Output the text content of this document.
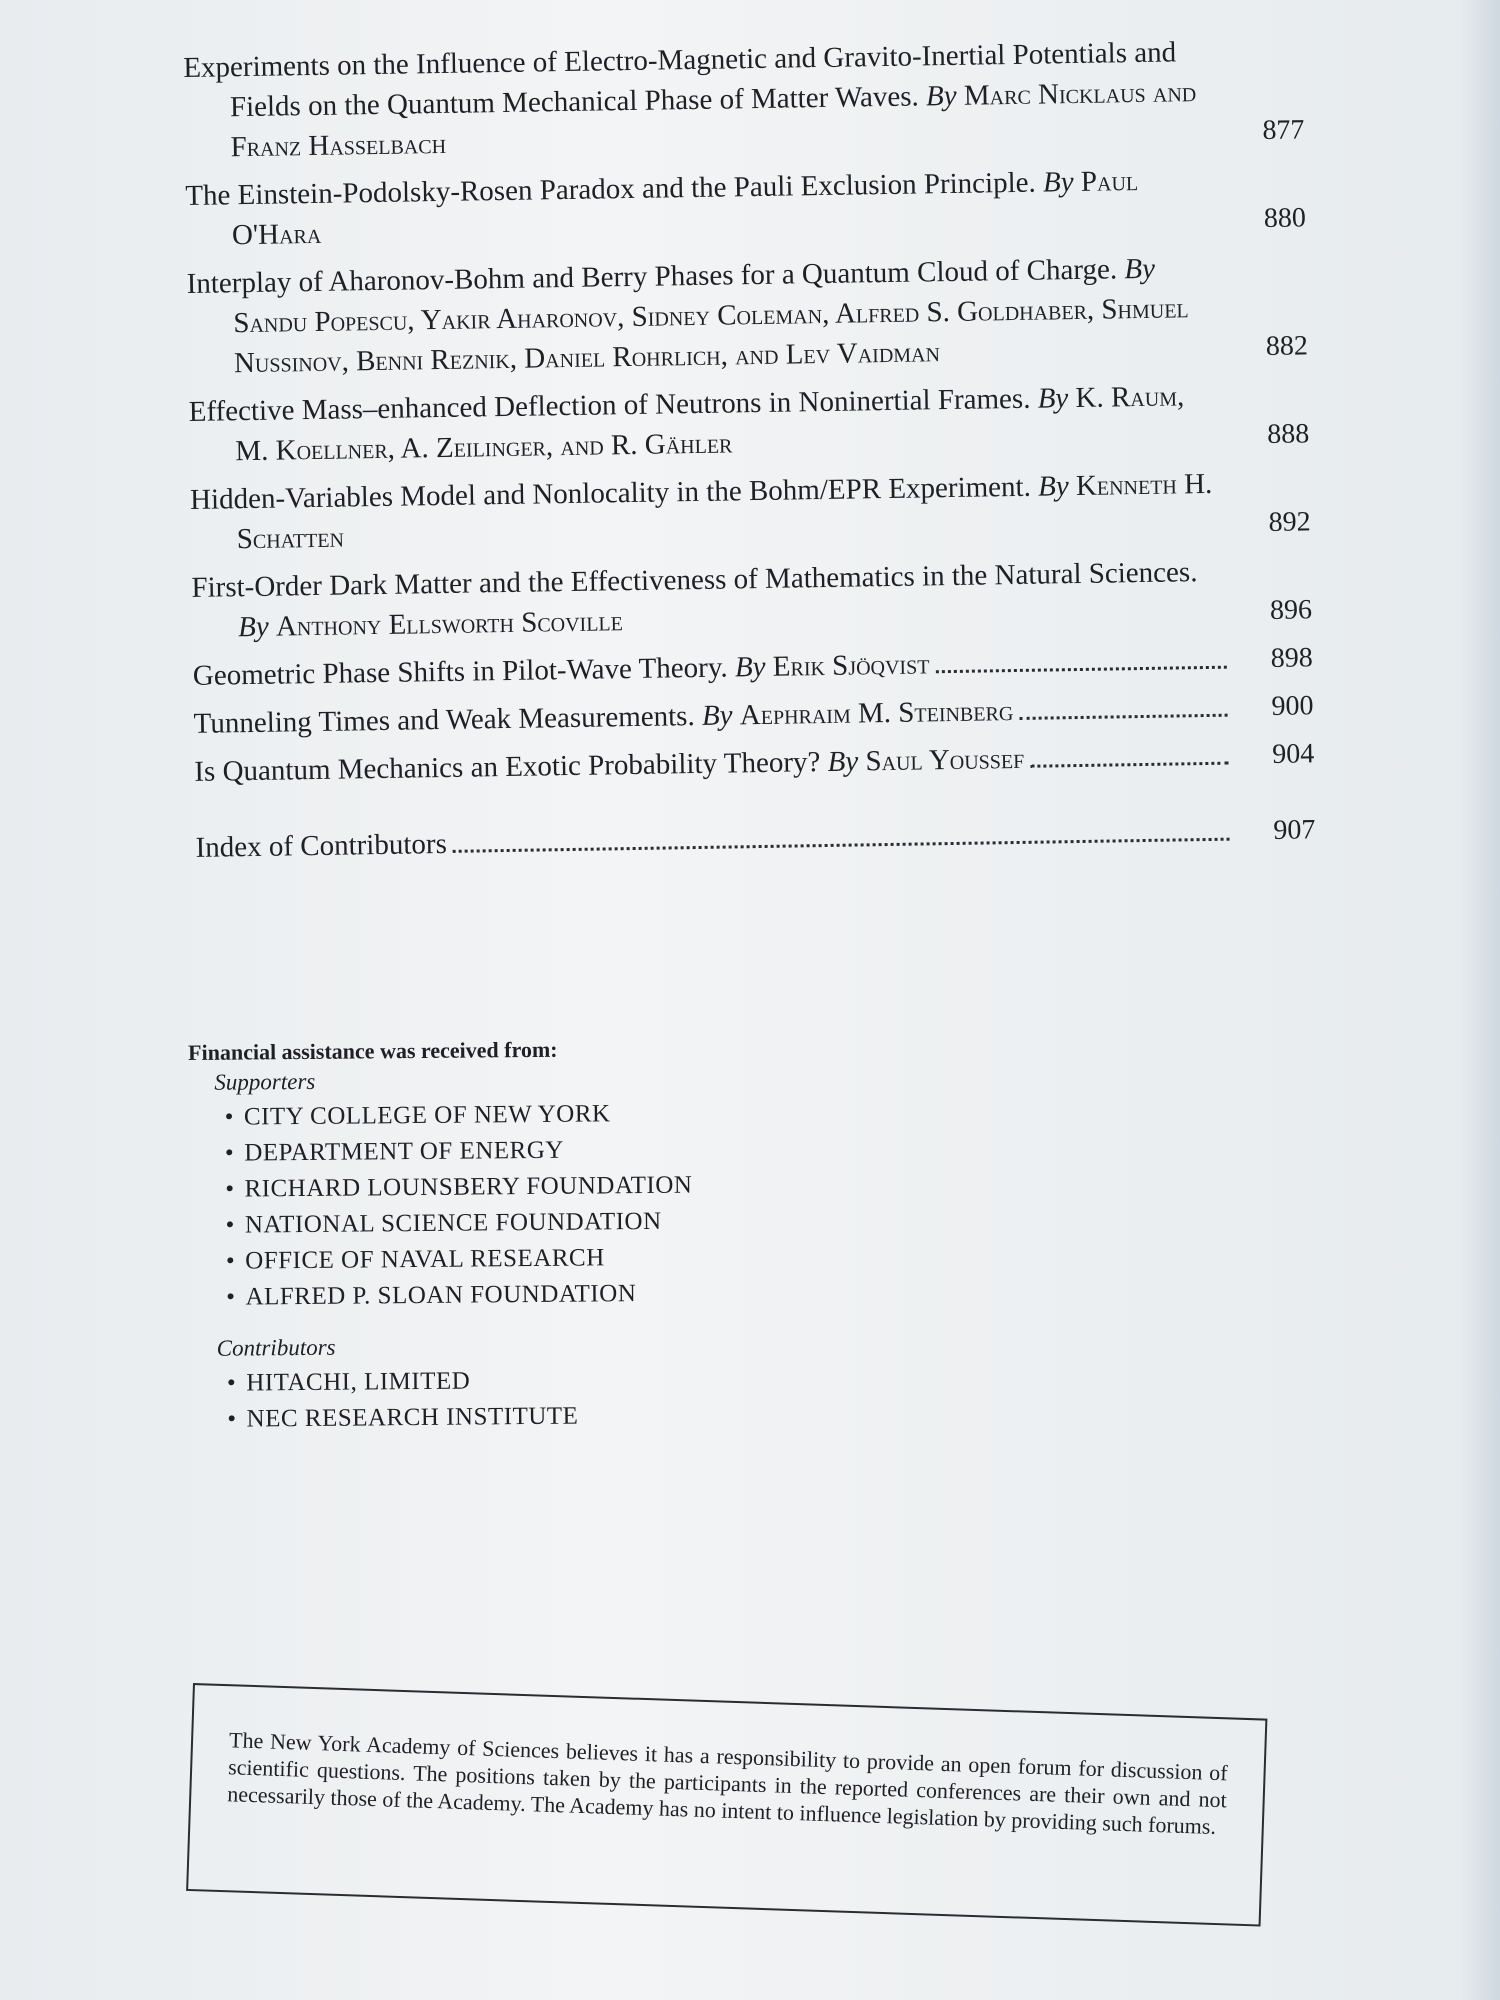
Experiments on the Influence of Electro-Magnetic and Gravito-Inertial Potentials and Fields on the Quantum Mechanical Phase of Matter Waves. By Marc Nicklaus and Franz Hasselbach	877
The Einstein-Podolsky-Rosen Paradox and the Pauli Exclusion Principle. By Paul O'Hara	880
Interplay of Aharonov-Bohm and Berry Phases for a Quantum Cloud of Charge. By Sandu Popescu, Yakir Aharonov, Sidney Coleman, Alfred S. Goldhaber, Shmuel Nussinov, Benni Reznik, Daniel Rohrlich, and Lev Vaidman	882
Effective Mass–enhanced Deflection of Neutrons in Noninertial Frames. By K. Raum, M. Koellner, A. Zeilinger, and R. Gähler	888
Hidden-Variables Model and Nonlocality in the Bohm/EPR Experiment. By Kenneth H. Schatten	892
First-Order Dark Matter and the Effectiveness of Mathematics in the Natural Sciences. By Anthony Ellsworth Scoville	896
Geometric Phase Shifts in Pilot-Wave Theory. By Erik Sjöqvist	898
Tunneling Times and Weak Measurements. By Aephraim M. Steinberg	900
Is Quantum Mechanics an Exotic Probability Theory? By Saul Youssef	904
Index of Contributors	907
Financial assistance was received from:
Supporters
• CITY COLLEGE OF NEW YORK
• DEPARTMENT OF ENERGY
• RICHARD LOUNSBERY FOUNDATION
• NATIONAL SCIENCE FOUNDATION
• OFFICE OF NAVAL RESEARCH
• ALFRED P. SLOAN FOUNDATION
Contributors
• HITACHI, LIMITED
• NEC RESEARCH INSTITUTE
The New York Academy of Sciences believes it has a responsibility to provide an open forum for discussion of scientific questions. The positions taken by the participants in the reported conferences are their own and not necessarily those of the Academy. The Academy has no intent to influence legislation by providing such forums.
